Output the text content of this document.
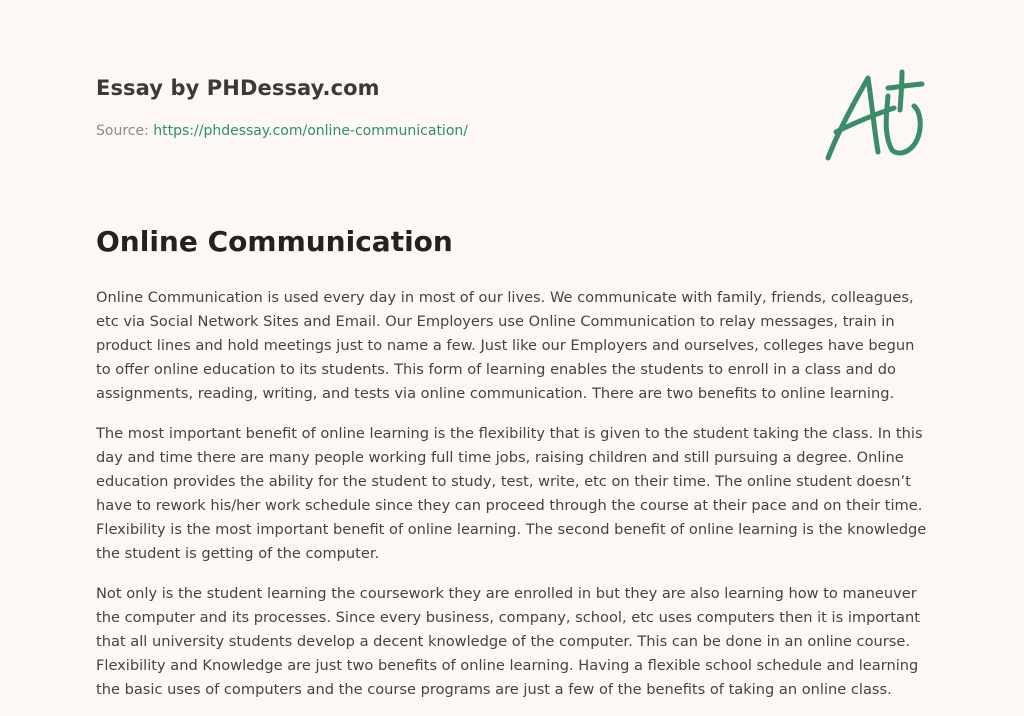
Essay by PHDessay.com
Source: https://phdessay.com/online-communication/
Online Communication

Online Communication is used every day in most of our lives. We communicate with family, friends, colleagues, etc via Social Network Sites and Email. Our Employers use Online Communication to relay messages, train in product lines and hold meetings just to name a few. Just like our Employers and ourselves, colleges have begun to offer online education to its students. This form of learning enables the students to enroll in a class and do assignments, reading, writing, and tests via online communication. There are two benefits to online learning.

The most important benefit of online learning is the flexibility that is given to the student taking the class. In this day and time there are many people working full time jobs, raising children and still pursuing a degree. Online education provides the ability for the student to study, test, write, etc on their time. The online student doesn’t have to rework his/her work schedule since they can proceed through the course at their pace and on their time. Flexibility is the most important benefit of online learning. The second benefit of online learning is the knowledge the student is getting of the computer.

Not only is the student learning the coursework they are enrolled in but they are also learning how to maneuver the computer and its processes. Since every business, company, school, etc uses computers then it is important that all university students develop a decent knowledge of the computer. This can be done in an online course. Flexibility and Knowledge are just two benefits of online learning. Having a flexible school schedule and learning the basic uses of computers and the course programs are just a few of the benefits of taking an online class.
